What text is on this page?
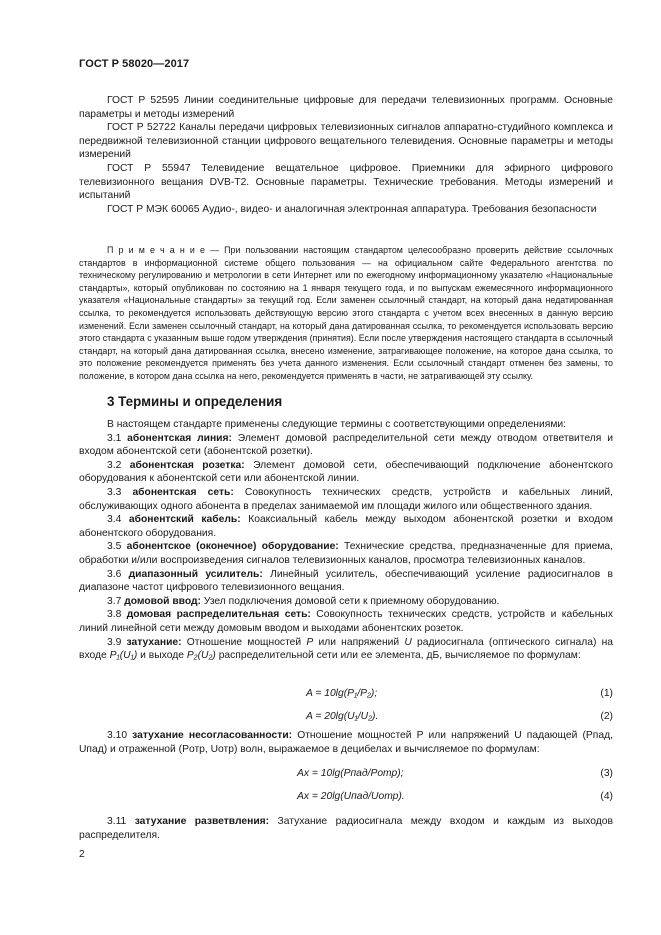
ГОСТ Р 58020—2017

ГОСТ Р 52595 Линии соединительные цифровые для передачи телевизионных программ. Основные параметры и методы измерений

ГОСТ Р 52722 Каналы передачи цифровых телевизионных сигналов аппаратно-студийного комплекса и передвижной телевизионной станции цифрового вещательного телевидения. Основные параметры и методы измерений

ГОСТ Р 55947 Телевидение вещательное цифровое. Приемники для эфирного цифрового телевизионного вещания DVB-T2. Основные параметры. Технические требования. Методы измерений и испытаний

ГОСТ Р МЭК 60065 Аудио-, видео- и аналогичная электронная аппаратура. Требования безопасности

П р и м е ч а н и е — При пользовании настоящим стандартом целесообразно проверить действие ссылочных стандартов в информационной системе общего пользования — на официальном сайте Федерального агентства по техническому регулированию и метрологии в сети Интернет или по ежегодному информационному указателю «Национальные стандарты», который опубликован по состоянию на 1 января текущего года, и по выпускам ежемесячного информационного указателя «Национальные стандарты» за текущий год. Если заменен ссылочный стандарт, на который дана недатированная ссылка, то рекомендуется использовать действующую версию этого стандарта с учетом всех внесенных в данную версию изменений. Если заменен ссылочный стандарт, на который дана датированная ссылка, то рекомендуется использовать версию этого стандарта с указанным выше годом утверждения (принятия). Если после утверждения настоящего стандарта в ссылочный стандарт, на который дана датированная ссылка, внесено изменение, затрагивающее положение, на которое дана ссылка, то это положение рекомендуется применять без учета данного изменения. Если ссылочный стандарт отменен без замены, то положение, в котором дана ссылка на него, рекомендуется применять в части, не затрагивающей эту ссылку.
3 Термины и определения

В настоящем стандарте применены следующие термины с соответствующими определениями:

3.1 абонентская линия: Элемент домовой распределительной сети между отводом ответвителя и входом абонентской сети (абонентской розетки).

3.2 абонентская розетка: Элемент домовой сети, обеспечивающий подключение абонентского оборудования к абонентской сети или абонентской линии.

3.3 абонентская сеть: Совокупность технических средств, устройств и кабельных линий, обслуживающих одного абонента в пределах занимаемой им площади жилого или общественного здания.

3.4 абонентский кабель: Коаксиальный кабель между выходом абонентской розетки и входом абонентского оборудования.

3.5 абонентское (оконечное) оборудование: Технические средства, предназначенные для приема, обработки и/или воспроизведения сигналов телевизионных каналов, просмотра телевизионных каналов.

3.6 диапазонный усилитель: Линейный усилитель, обеспечивающий усиление радиосигналов в диапазоне частот цифрового телевизионного вещания.

3.7 домовой ввод: Узел подключения домовой сети к приемному оборудованию.

3.8 домовая распределительная сеть: Совокупность технических средств, устройств и кабельных линий линейной сети между домовым вводом и выходами абонентских розеток.

3.9 затухание: Отношение мощностей P или напряжений U радиосигнала (оптического сигнала) на входе P₁(U₁) и выходе P₂(U₂) распределительной сети или ее элемента, дБ, вычисляемое по формулам:

A = 10lg(P₁/P₂);	(1)
A = 20lg(U₁/U₂).	(2)

3.10 затухание несогласованности: Отношение мощностей P или напряжений U падающей (Pпад, Uпад) и отраженной (Pотр, Uотр) волн, выражаемое в децибелах и вычисляемое по формулам:

Ax = 10lg(Pпад/Pотр);	(3)
Ax = 20lg(Uпад/Uотр).	(4)

3.11 затухание разветвления: Затухание радиосигнала между входом и каждым из выходов распределителя.

2
